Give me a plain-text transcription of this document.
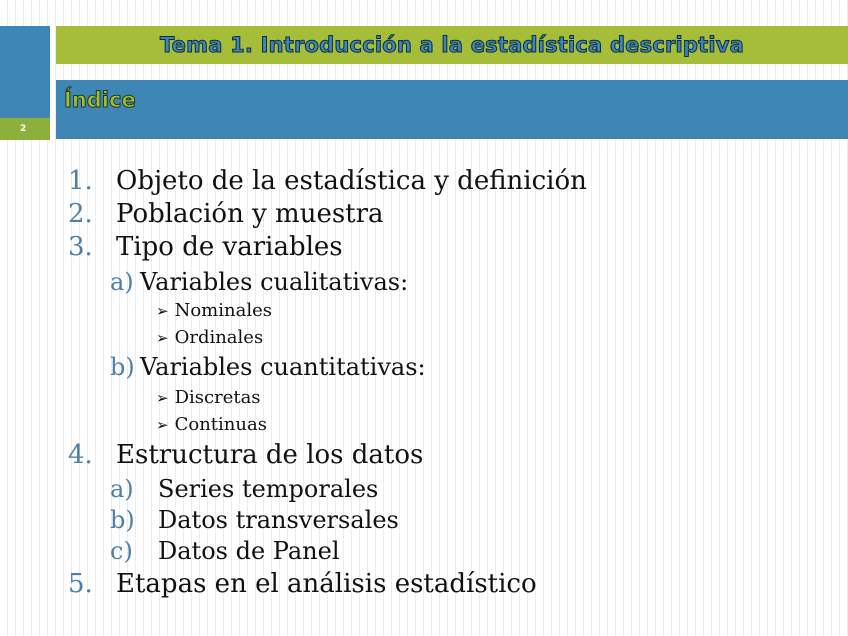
2
Tema 1. Introducción a la estadística descriptiva
Índice
1. Objeto de la estadística y definición
2. Población y muestra
3. Tipo de variables
a) Variables cualitativas:
➢ Nominales
➢ Ordinales
b) Variables cuantitativas:
➢ Discretas
➢ Continuas
4. Estructura de los datos
a) Series temporales
b) Datos transversales
c) Datos de Panel
5. Etapas en el análisis estadístico
